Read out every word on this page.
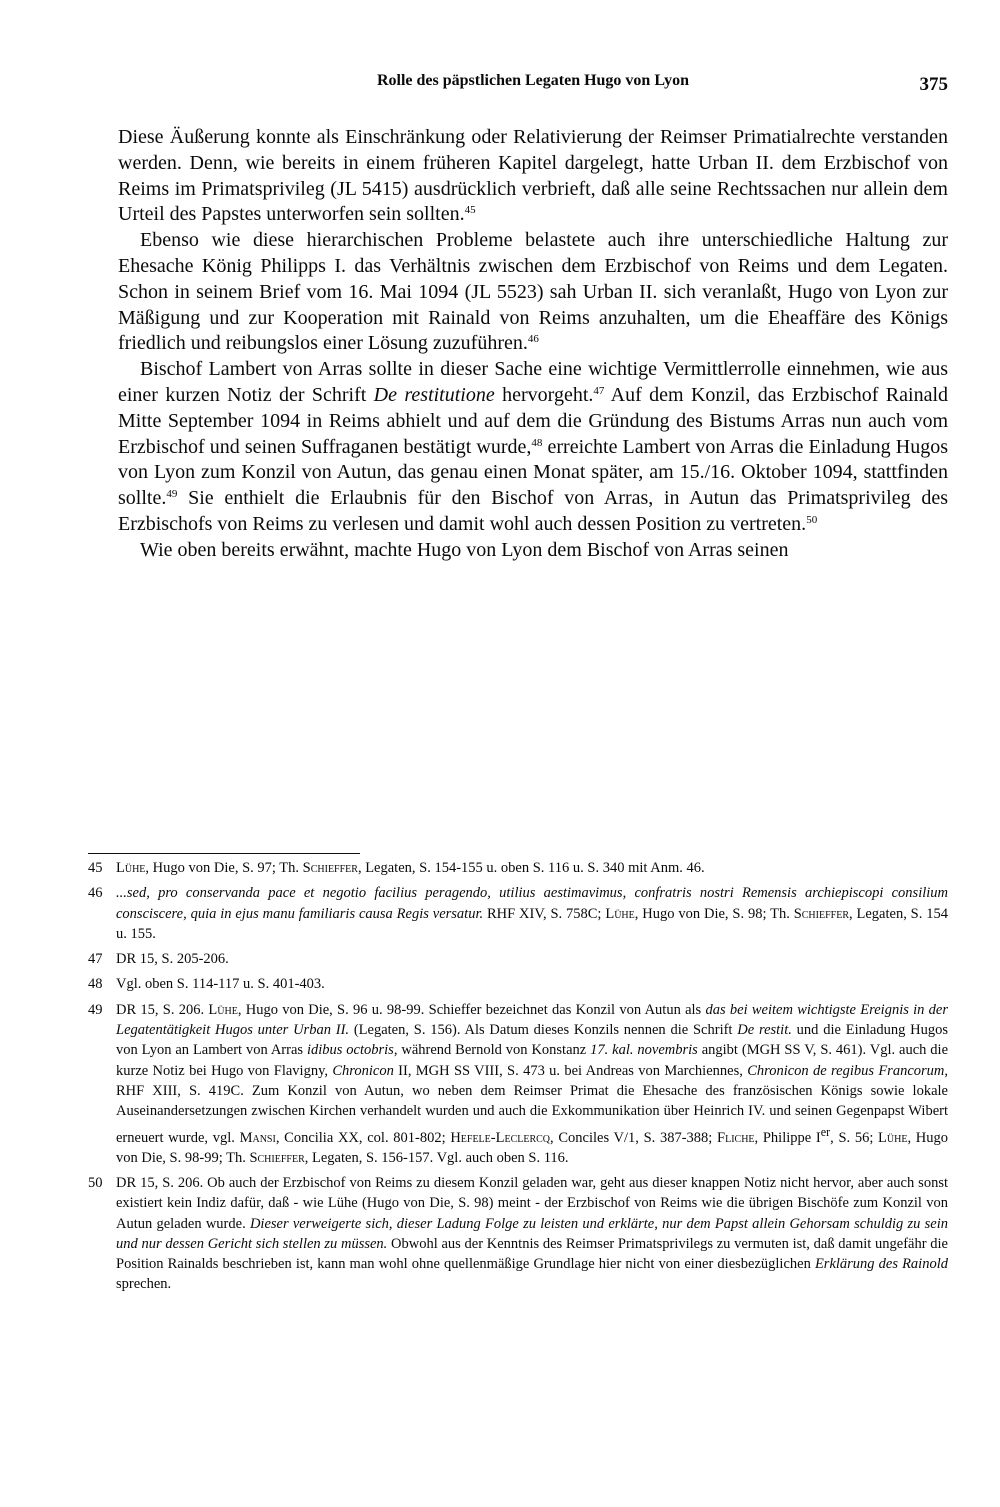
Rolle des päpstlichen Legaten Hugo von Lyon	375

Diese Äußerung konnte als Einschränkung oder Relativierung der Reimser Primatialrechte verstanden werden. Denn, wie bereits in einem früheren Kapitel dargelegt, hatte Urban II. dem Erzbischof von Reims im Primatsprivileg (JL 5415) ausdrücklich verbrieft, daß alle seine Rechtssachen nur allein dem Urteil des Papstes unterworfen sein sollten.$^{45}$

Ebenso wie diese hierarchischen Probleme belastete auch ihre unterschiedliche Haltung zur Ehesache König Philipps I. das Verhältnis zwischen dem Erzbischof von Reims und dem Legaten. Schon in seinem Brief vom 16. Mai 1094 (JL 5523) sah Urban II. sich veranlaßt, Hugo von Lyon zur Mäßigung und zur Kooperation mit Rainald von Reims anzuhalten, um die Eheaffäre des Königs friedlich und reibungslos einer Lösung zuzuführen.$^{46}$

Bischof Lambert von Arras sollte in dieser Sache eine wichtige Vermittlerrolle einnehmen, wie aus einer kurzen Notiz der Schrift De restitutione hervorgeht.$^{47}$ Auf dem Konzil, das Erzbischof Rainald Mitte September 1094 in Reims abhielt und auf dem die Gründung des Bistums Arras nun auch vom Erzbischof und seinen Suffraganen bestätigt wurde,$^{48}$ erreichte Lambert von Arras die Einladung Hugos von Lyon zum Konzil von Autun, das genau einen Monat später, am 15./16. Oktober 1094, stattfinden sollte.$^{49}$ Sie enthielt die Erlaubnis für den Bischof von Arras, in Autun das Primatsprivileg des Erzbischofs von Reims zu verlesen und damit wohl auch dessen Position zu vertreten.$^{50}$

Wie oben bereits erwähnt, machte Hugo von Lyon dem Bischof von Arras seinen

45 Lühe, Hugo von Die, S. 97; Th. Schieffer, Legaten, S. 154-155 u. oben S. 116 u. S. 340 mit Anm. 46.
46 ...sed, pro conservanda pace et negotio facilius peragendo, utilius aestimavimus, confratris nostri Remensis archiepiscopi consilium consciscere, quia in ejus manu familiaris causa Regis versatur. RHF XIV, S. 758C; Lühe, Hugo von Die, S. 98; Th. Schieffer, Legaten, S. 154 u. 155.
47 DR 15, S. 205-206.
48 Vgl. oben S. 114-117 u. S. 401-403.
49 DR 15, S. 206. Lühe, Hugo von Die, S. 96 u. 98-99. Schieffer bezeichnet das Konzil von Autun als das bei weitem wichtigste Ereignis in der Legatentätigkeit Hugos unter Urban II. (Legaten, S. 156). Als Datum dieses Konzils nennen die Schrift De restit. und die Einladung Hugos von Lyon an Lambert von Arras idibus octobris, während Bernold von Konstanz 17. kal. novembris angibt (MGH SS V, S. 461). Vgl. auch die kurze Notiz bei Hugo von Flavigny, Chronicon II, MGH SS VIII, S. 473 u. bei Andreas von Marchiennes, Chronicon de regibus Francorum, RHF XIII, S. 419C. Zum Konzil von Autun, wo neben dem Reimser Primat die Ehesache des französischen Königs sowie lokale Auseinandersetzungen zwischen Kirchen verhandelt wurden und auch die Exkommunikation über Heinrich IV. und seinen Gegenpapst Wibert erneuert wurde, vgl. Mansi, Concilia XX, col. 801-802; Hefele-Leclercq, Conciles V/1, S. 387-388; Fliche, Philippe Ier, S. 56; Lühe, Hugo von Die, S. 98-99; Th. Schieffer, Legaten, S. 156-157. Vgl. auch oben S. 116.
50 DR 15, S. 206. Ob auch der Erzbischof von Reims zu diesem Konzil geladen war, geht aus dieser knappen Notiz nicht hervor, aber auch sonst existiert kein Indiz dafür, daß - wie Lühe (Hugo von Die, S. 98) meint - der Erzbischof von Reims wie die übrigen Bischöfe zum Konzil von Autun geladen wurde. Dieser verweigerte sich, dieser Ladung Folge zu leisten und erklärte, nur dem Papst allein Gehorsam schuldig zu sein und nur dessen Gericht sich stellen zu müssen. Obwohl aus der Kenntnis des Reimser Primatsprivilegs zu vermuten ist, daß damit ungefähr die Position Rainalds beschrieben ist, kann man wohl ohne quellenmäßige Grundlage hier nicht von einer diesbezüglichen Erklärung des Rainold sprechen.
